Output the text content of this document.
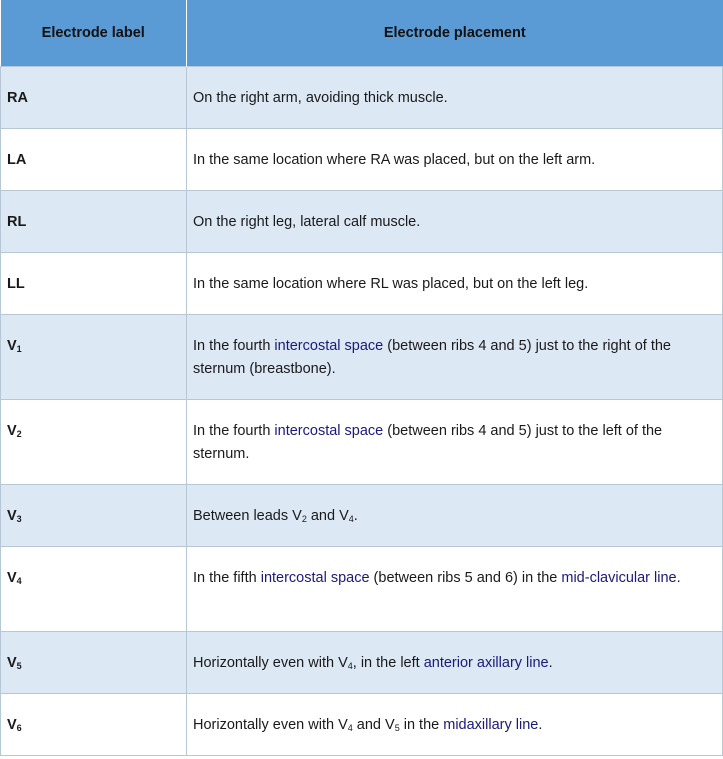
Electrode label	Electrode placement

RA	On the right arm, avoiding thick muscle.

LA	In the same location where RA was placed, but on the left arm.

RL	On the right leg, lateral calf muscle.

LL	In the same location where RL was placed, but on the left leg.

$V_1$	In the fourth intercostal space (between ribs 4 and 5) just to the right of the sternum (breastbone).

$V_2$	In the fourth intercostal space (between ribs 4 and 5) just to the left of the sternum.

$V_3$	Between leads $V_2$ and $V_4$.

$V_4$	In the fifth intercostal space (between ribs 5 and 6) in the mid-clavicular line.

$V_5$	Horizontally even with $V_4$, in the left anterior axillary line.

$V_6$	Horizontally even with $V_4$ and $V_5$ in the midaxillary line.
